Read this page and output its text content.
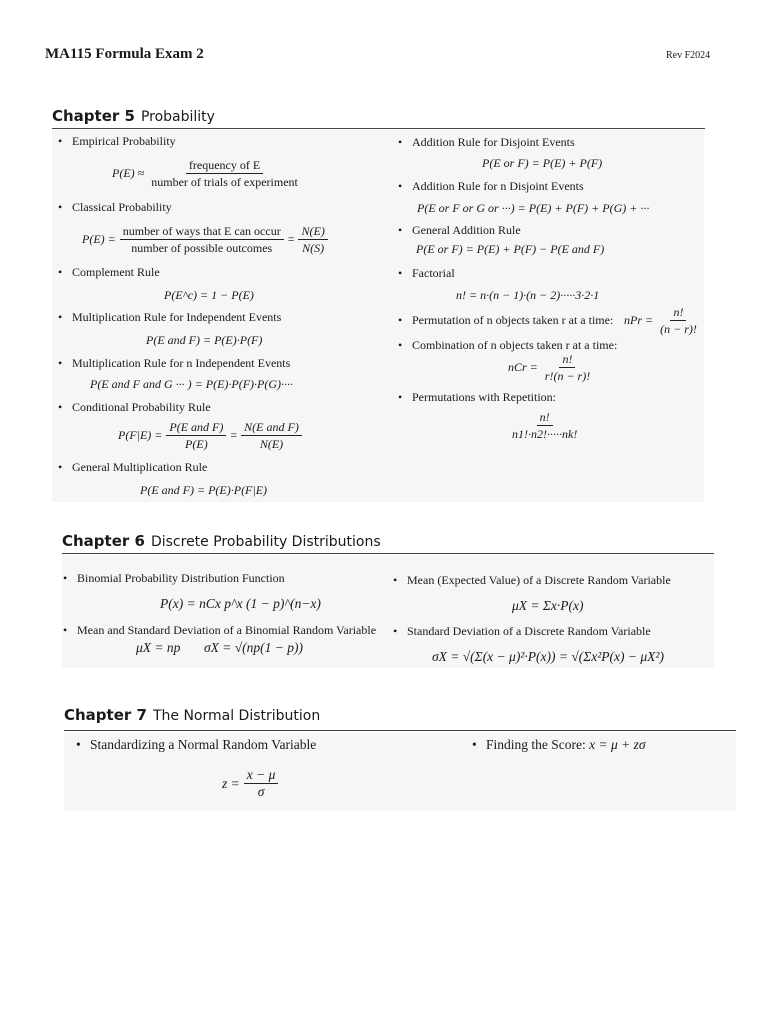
MA115 Formula Exam 2	Rev F2024
Chapter 5 Probability
• Empirical Probability
$P(E) \approx \frac{\text{frequency of E}}{\text{number of trials of experiment}}$
• Classical Probability
$P(E) = \frac{\text{number of ways that E can occur}}{\text{number of possible outcomes}} = \frac{N(E)}{N(S)}$
• Complement Rule
P(E^c) = 1 − P(E)
• Multiplication Rule for Independent Events
P(E and F) = P(E)·P(F)
• Multiplication Rule for n Independent Events
P(E and F and G ··· ) = P(E)·P(F)·P(G)····
• Conditional Probability Rule
$P(F|E) = \frac{\text{P(E and F)}}{P(E)} = \frac{\text{N(E and F)}}{N(E)}$
• General Multiplication Rule
P(E and F) = P(E)·P(F|E)
• Addition Rule for Disjoint Events
P(E or F) = P(E) + P(F)
• Addition Rule for n Disjoint Events
P(E or F or G or ···) = P(E) + P(F) + P(G) + ···
• General Addition Rule
P(E or F) = P(E) + P(F) − P(E and F)
• Factorial
n! = n·(n − 1)·(n − 2)·····3·2·1
• Permutation of n objects taken r at a time: nPr = $\frac{n!}{(n - r)!}$
• Combination of n objects taken r at a time:
nCr = $\frac{n!}{r!(n - r)!}$
• Permutations with Repetition:
$\frac{n!}{n1!\cdot n2!\cdot\cdot\cdot\cdot\cdot nk!}$
Chapter 6 Discrete Probability Distributions
• Binomial Probability Distribution Function
P(x) = nCx p^x (1 − p)^(n−x)
• Mean and Standard Deviation of a Binomial Random Variable
μX = np σX = √(np(1 − p))
• Mean (Expected Value) of a Discrete Random Variable
μX = Σx·P(x)
• Standard Deviation of a Discrete Random Variable
σX = √(Σ(x − μ)²·P(x)) = √(Σx²P(x) − μX²)
Chapter 7 The Normal Distribution
• Standardizing a Normal Random Variable
$z = \frac{x - \mu}{\sigma}$
• Finding the Score: x = μ + zσ
